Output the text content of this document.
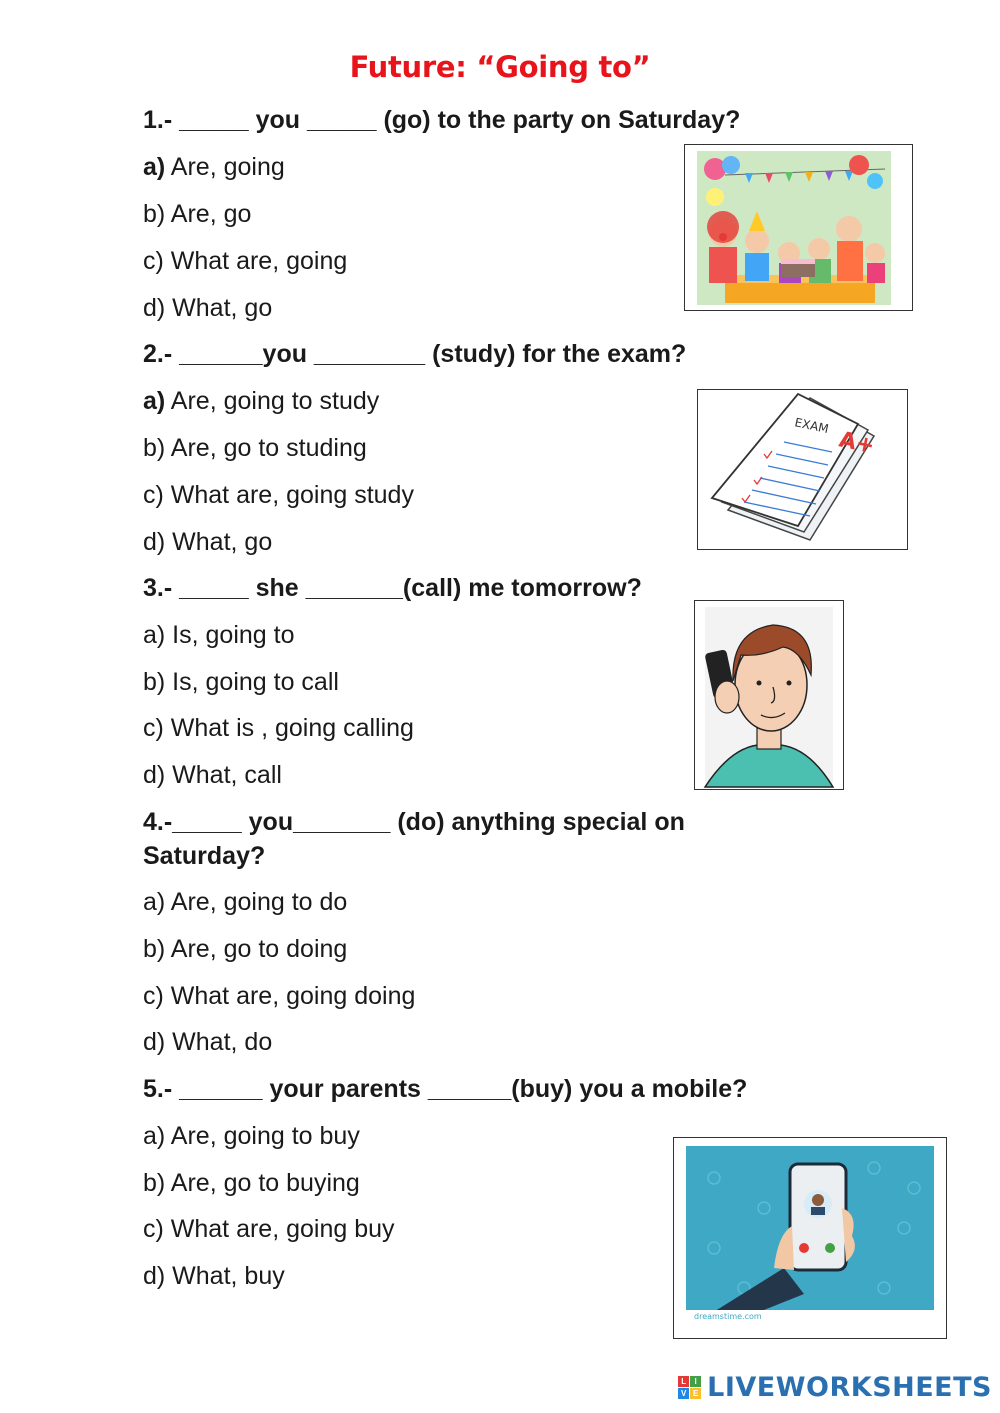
Future: “Going to”
1.- _____ you _____ (go) to the party on Saturday?
a) Are, going
b) Are, go
c) What are, going
d) What, go
2.- ______you ________ (study) for the exam?
a) Are, going to study
b) Are, go to studing
c) What are, going study
d) What, go
3.- _____ she _______(call) me tomorrow?
a) Is, going to
b) Is, going to call
c) What is , going calling
d) What, call
4.-_____ you_______ (do) anything special on
Saturday?
a) Are, going to do
b) Are, go to doing
c) What are, going doing
d) What, do
5.- ______ your parents ______(buy) you a mobile?
a) Are, going to buy
b) Are, go to buying
c) What are, going buy
d) What, buy
EXAM
A+
dreamstime.com
L	I
V E LIVEWORKSHEETS
